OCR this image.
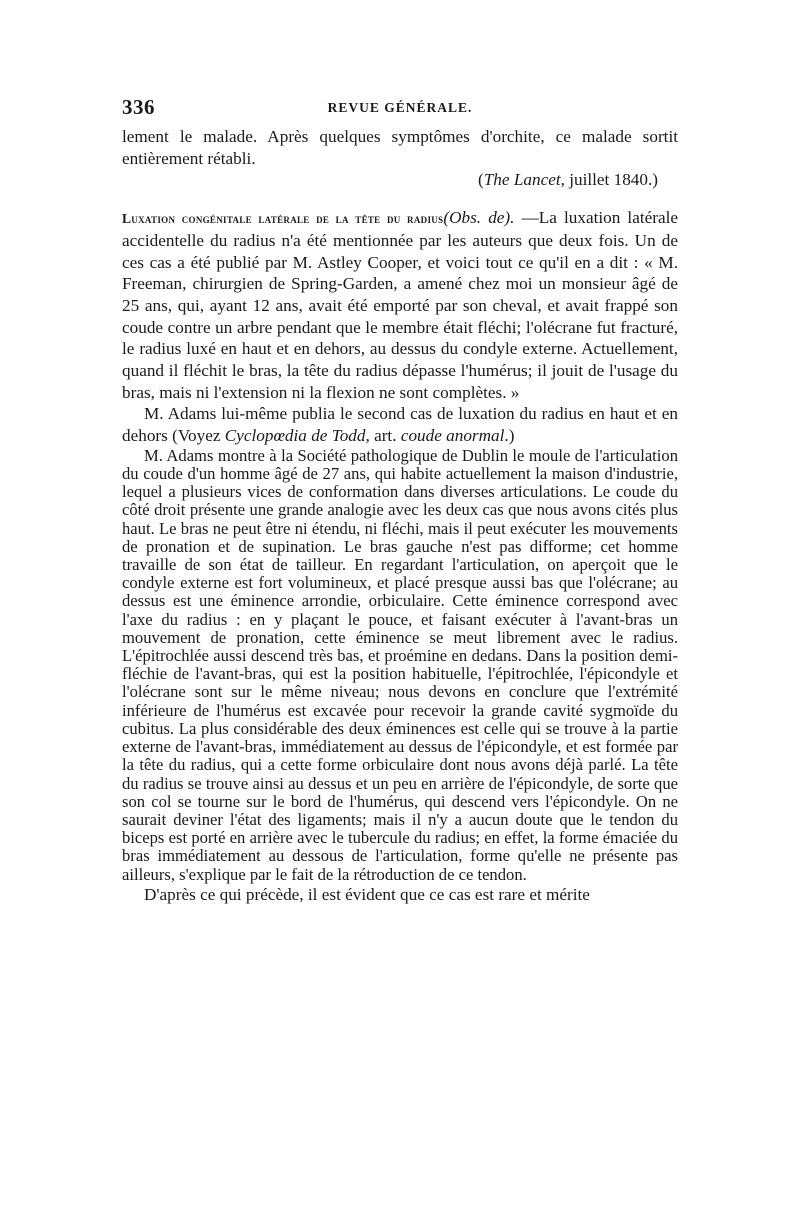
336	REVUE GÉNÉRALE.

lement le malade. Après quelques symptômes d'orchite, ce malade sortit entièrement rétabli.

(The Lancet, juillet 1840.)

Luxation congénitale latérale de la tête du radius(Obs. de). —La luxation latérale accidentelle du radius n'a été mentionnée par les auteurs que deux fois. Un de ces cas a été publié par M. Astley Cooper, et voici tout ce qu'il en a dit : « M. Freeman, chirurgien de Spring-Garden, a amené chez moi un monsieur âgé de 25 ans, qui, ayant 12 ans, avait été emporté par son cheval, et avait frappé son coude contre un arbre pendant que le membre était fléchi; l'olécrane fut fracturé, le radius luxé en haut et en dehors, au dessus du condyle externe. Actuellement, quand il fléchit le bras, la tête du radius dépasse l'humérus; il jouit de l'usage du bras, mais ni l'extension ni la flexion ne sont complètes. »

M. Adams lui-même publia le second cas de luxation du radius en haut et en dehors (Voyez Cyclopœdia de Todd, art. coude anormal.)

M. Adams montre à la Société pathologique de Dublin le moule de l'articulation du coude d'un homme âgé de 27 ans, qui habite actuellement la maison d'industrie, lequel a plusieurs vices de conformation dans diverses articulations. Le coude du côté droit présente une grande analogie avec les deux cas que nous avons cités plus haut. Le bras ne peut être ni étendu, ni fléchi, mais il peut exécuter les mouvements de pronation et de supination. Le bras gauche n'est pas difforme; cet homme travaille de son état de tailleur. En regardant l'articulation, on aperçoit que le condyle externe est fort volumineux, et placé presque aussi bas que l'olécrane; au dessus est une éminence arrondie, orbiculaire. Cette éminence correspond avec l'axe du radius : en y plaçant le pouce, et faisant exécuter à l'avant-bras un mouvement de pronation, cette éminence se meut librement avec le radius. L'épitrochlée aussi descend très bas, et proémine en dedans. Dans la position demi-fléchie de l'avant-bras, qui est la position habituelle, l'épitrochlée, l'épicondyle et l'olécrane sont sur le même niveau; nous devons en conclure que l'extrémité inférieure de l'humérus est excavée pour recevoir la grande cavité sygmoïde du cubitus. La plus considérable des deux éminences est celle qui se trouve à la partie externe de l'avant-bras, immédiatement au dessus de l'épicondyle, et est formée par la tête du radius, qui a cette forme orbiculaire dont nous avons déjà parlé. La tête du radius se trouve ainsi au dessus et un peu en arrière de l'épicondyle, de sorte que son col se tourne sur le bord de l'humérus, qui descend vers l'épicondyle. On ne saurait deviner l'état des ligaments; mais il n'y a aucun doute que le tendon du biceps est porté en arrière avec le tubercule du radius; en effet, la forme émaciée du bras immédiatement au dessous de l'articulation, forme qu'elle ne présente pas ailleurs, s'explique par le fait de la rétroduction de ce tendon.

D'après ce qui précède, il est évident que ce cas est rare et mérite
